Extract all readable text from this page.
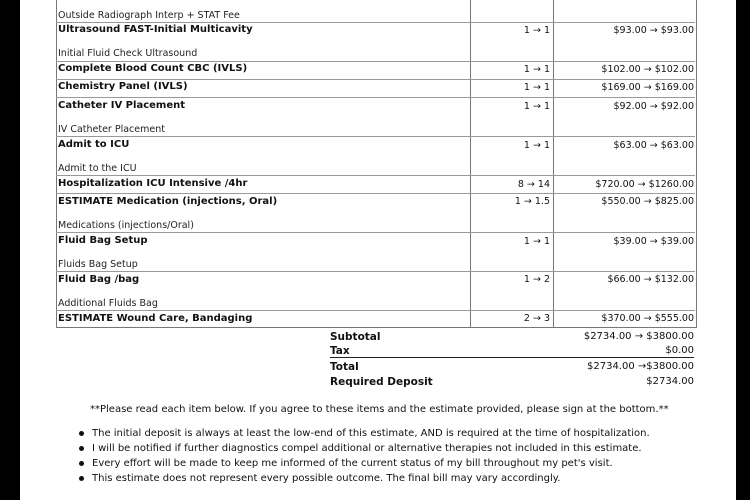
Outside Radiograph Interp + STAT Fee
Ultrasound FAST-Initial Multicavity	1 → 1	$93.00 → $93.00
Initial Fluid Check Ultrasound
Complete Blood Count CBC (IVLS)	1 → 1	$102.00 → $102.00
Chemistry Panel (IVLS)	1 → 1	$169.00 → $169.00
Catheter IV Placement	1 → 1	$92.00 → $92.00
IV Catheter Placement
Admit to ICU	1 → 1	$63.00 → $63.00
Admit to the ICU
Hospitalization ICU Intensive /4hr	8 → 14	$720.00 → $1260.00
ESTIMATE Medication (injections, Oral)	1 → 1.5	$550.00 → $825.00
Medications (injections/Oral)
Fluid Bag Setup	1 → 1	$39.00 → $39.00
Fluids Bag Setup
Fluid Bag /bag	1 → 2	$66.00 → $132.00
Additional Fluids Bag
ESTIMATE Wound Care, Bandaging	2 → 3	$370.00 → $555.00
Subtotal	$2734.00 → $3800.00
Tax	$0.00
Total	$2734.00 →$3800.00
Required Deposit	$2734.00
**Please read each item below. If you agree to these items and the estimate provided, please sign at the bottom.**
The initial deposit is always at least the low-end of this estimate, AND is required at the time of hospitalization.
I will be notified if further diagnostics compel additional or alternative therapies not included in this estimate.
Every effort will be made to keep me informed of the current status of my bill throughout my pet's visit.
This estimate does not represent every possible outcome. The final bill may vary accordingly.
